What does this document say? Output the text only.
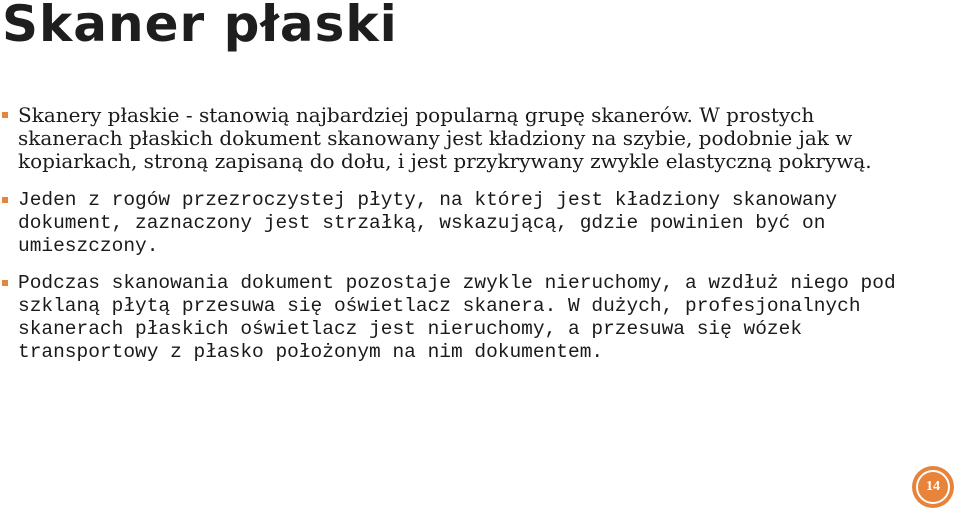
Skaner płaski
Skanery płaskie - stanowią najbardziej popularną grupę skanerów. W prostych skanerach płaskich dokument skanowany jest kładziony na szybie, podobnie jak w kopiarkach, stroną zapisaną do dołu, i jest przykrywany zwykle elastyczną pokrywą.
Jeden z rogów przezroczystej płyty, na której jest kładziony skanowany dokument, zaznaczony jest strzałką, wskazującą, gdzie powinien być on umieszczony.
Podczas skanowania dokument pozostaje zwykle nieruchomy, a wzdłuż niego pod szklaną płytą przesuwa się oświetlacz skanera. W dużych, profesjonalnych skanerach płaskich oświetlacz jest nieruchomy, a przesuwa się wózek transportowy z płasko położonym na nim dokumentem.
14
